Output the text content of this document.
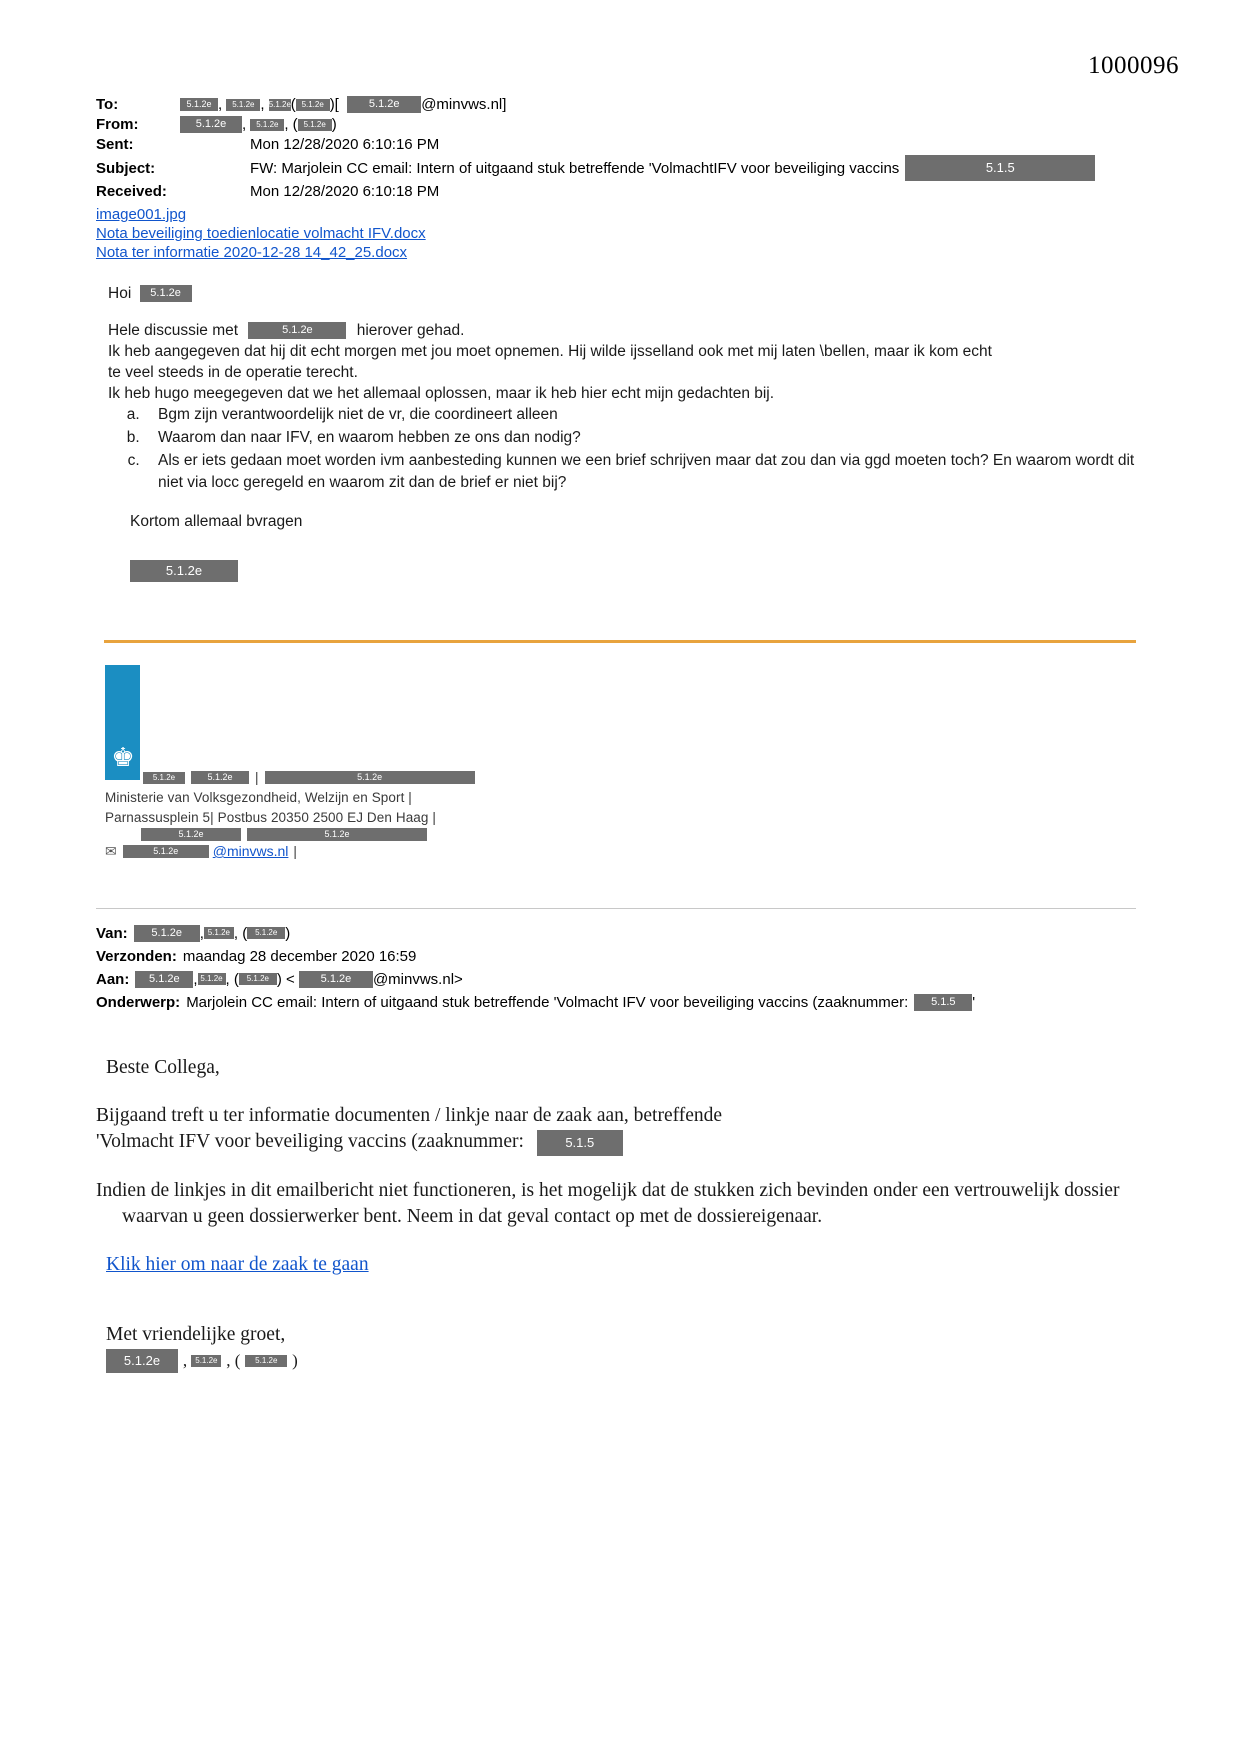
1000096
To:	5.1.2e , 5.1.2e , 5.1.2e ( 5.1.2e )[	5.1.2e	@minvws.nl]
From:	5.1.2e	, 5.1.2e , ( 5.1.2e )
Sent:	Mon 12/28/2020 6:10:16 PM
Subject:	FW: Marjolein CC email: Intern of uitgaand stuk betreffende 'VolmachtIFV voor beveiliging vaccins	5.1.5
Received:	Mon 12/28/2020 6:10:18 PM
image001.jpg
Nota beveiliging toedienlocatie volmacht IFV.docx
Nota ter informatie 2020-12-28 14_42_25.docx

Hoi 5.1.2e

Hele discussie met	5.1.2e	hierover gehad.

Ik heb aangegeven dat hij dit echt morgen met jou moet opnemen. Hij wilde ijsselland ook met mij laten \bellen, maar ik kom echt

te veel steeds in de operatie terecht.

Ik heb hugo meegegeven dat we het allemaal oplossen, maar ik heb hier echt mijn gedachten bij.

a. Bgm zijn verantwoordelijk niet de vr, die coordineert alleen
b. Waarom dan naar IFV, en waarom hebben ze ons dan nodig?
c. Als er iets gedaan moet worden ivm aanbesteding kunnen we een brief schrijven maar dat zou dan via ggd moeten toch? En waarom wordt dit niet via locc geregeld en waarom zit dan de brief er niet bij?

Kortom allemaal bvragen

5.1.2e
♚
5.1.2e	5.1.2e	|	5.1.2e
Ministerie van Volksgezondheid, Welzijn en Sport |
Parnassusplein 5| Postbus 20350 2500 EJ Den Haag |
5.1.2e	5.1.2e
✉	5.1.2e	@minvws.nl |
Van:	5.1.2e	, 5.1.2e , ( 5.1.2e )
Verzonden: maandag 28 december 2020 16:59
Aan:	5.1.2e , 5.1.2e , ( 5.1.2e ) <	5.1.2e	@minvws.nl>
Onderwerp: Marjolein CC email: Intern of uitgaand stuk betreffende 'Volmacht IFV voor beveiliging vaccins (zaaknummer:	5.1.5	'

Beste Collega,

Bijgaand treft u ter informatie documenten / linkje naar de zaak aan, betreffende

'Volmacht IFV voor beveiliging vaccins (zaaknummer:	5.1.5

Indien de linkjes in dit emailbericht niet functioneren, is het mogelijk dat de stukken zich bevinden onder een vertrouwelijk dossier waarvan u geen dossierwerker bent. Neem in dat geval contact op met de dossiereigenaar.

Klik hier om naar de zaak te gaan

Met vriendelijke groet,

5.1.2e , 5.1.2e , ( 5.1.2e )
